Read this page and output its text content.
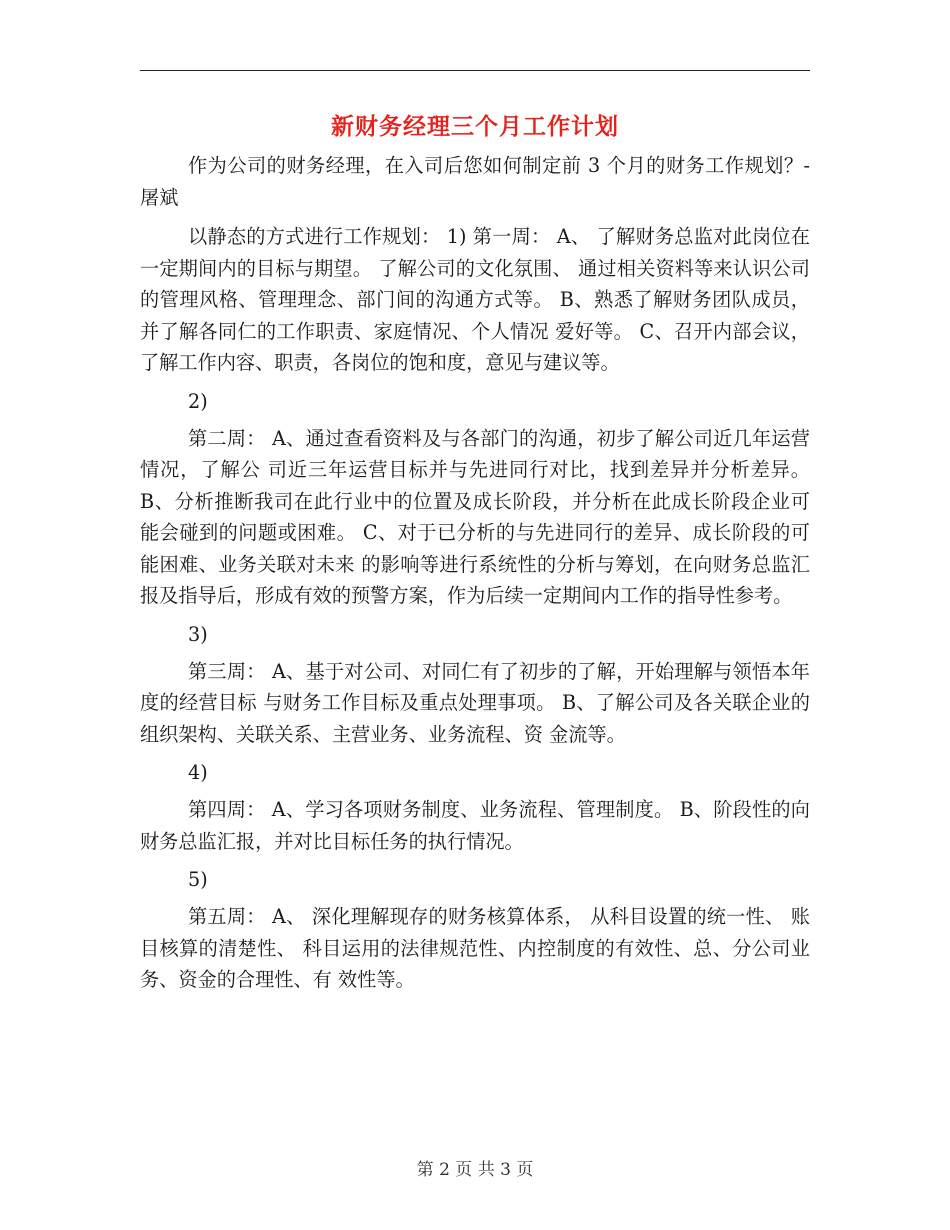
新财务经理三个月工作计划

作为公司的财务经理，在入司后您如何制定前 3 个月的财务工作规划？-屠斌

以静态的方式进行工作规划： 1) 第一周： A、 了解财务总监对此岗位在一定期间内的目标与期望。 了解公司的文化氛围、 通过相关资料等来认识公司的管理风格、管理理念、部门间的沟通方式等。 B、熟悉了解财务团队成员，并了解各同仁的工作职责、家庭情况、个人情况 爱好等。 C、召开内部会议，了解工作内容、职责，各岗位的饱和度，意见与建议等。

2)

第二周： A、通过查看资料及与各部门的沟通，初步了解公司近几年运营情况，了解公 司近三年运营目标并与先进同行对比，找到差异并分析差异。 B、分析推断我司在此行业中的位置及成长阶段，并分析在此成长阶段企业可 能会碰到的问题或困难。 C、对于已分析的与先进同行的差异、成长阶段的可能困难、业务关联对未来 的影响等进行系统性的分析与筹划，在向财务总监汇报及指导后，形成有效的预警方案，作为后续一定期间内工作的指导性参考。

3)

第三周： A、基于对公司、对同仁有了初步的了解，开始理解与领悟本年度的经营目标 与财务工作目标及重点处理事项。 B、了解公司及各关联企业的组织架构、关联关系、主营业务、业务流程、资 金流等。

4)

第四周： A、学习各项财务制度、业务流程、管理制度。 B、阶段性的向财务总监汇报，并对比目标任务的执行情况。

5)

第五周： A、 深化理解现存的财务核算体系， 从科目设置的统一性、 账目核算的清楚性、 科目运用的法律规范性、内控制度的有效性、总、分公司业务、资金的合理性、有 效性等。

第 2 页 共 3 页
